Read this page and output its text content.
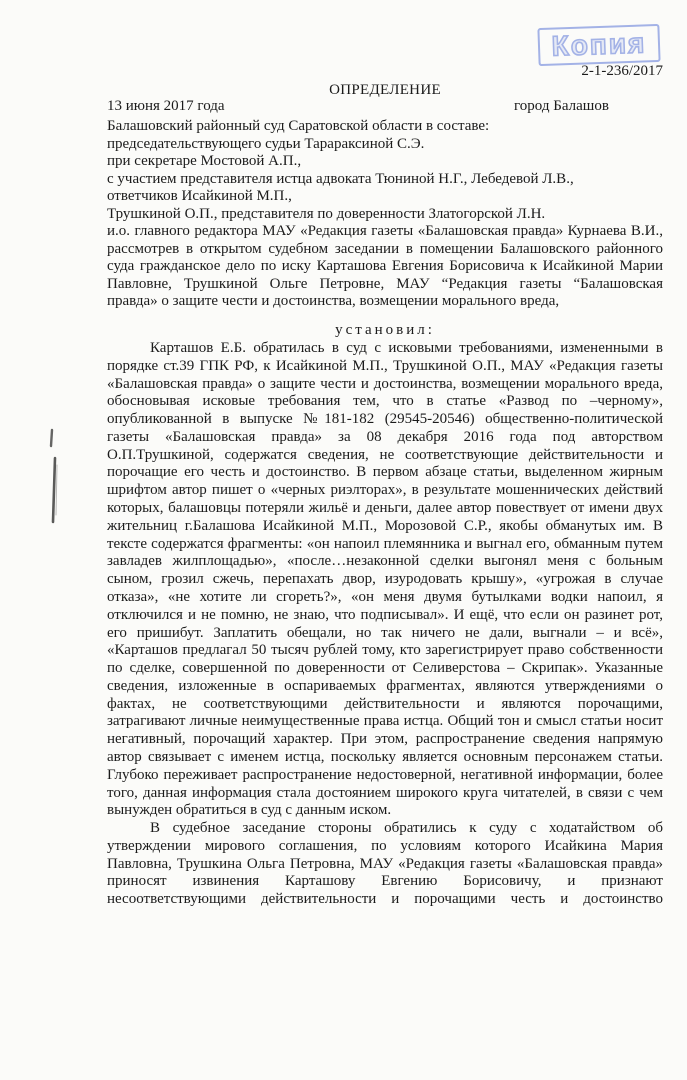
Копия
2-1-236/2017
ОПРЕДЕЛЕНИЕ
13 июня 2017 года	город Балашов
Балашовский районный суд Саратовской области в составе:
председательствующего судьи Тарараксиной С.Э.
при секретаре Мостовой А.П.,
с участием представителя истца адвоката Тюниной Н.Г., Лебедевой Л.В.,
ответчиков Исайкиной М.П.,
Трушкиной О.П., представителя по доверенности Златогорской Л.Н.
и.о. главного редактора МАУ «Редакция газеты «Балашовская правда» Курнаева В.И.,
рассмотрев в открытом судебном заседании в помещении Балашовского районного
суда гражданское дело по иску Карташова Евгения Борисовича к Исайкиной Марии
Павловне, Трушкиной Ольге Петровне, МАУ “Редакция газеты “Балашовская
правда» о защите чести и достоинства, возмещении морального вреда,
установил:
Карташов Е.Б. обратилась в суд с исковыми требованиями, измененными в
порядке ст.39 ГПК РФ, к Исайкиной М.П., Трушкиной О.П., МАУ «Редакция газеты
«Балашовская правда» о защите чести и достоинства, возмещении морального вреда,
обосновывая исковые требования тем, что в статье «Развод по –черному»,
опубликованной в выпуске №181-182 (29545-20546) общественно-политической
газеты «Балашовская правда» за 08 декабря 2016 года под авторством
О.П.Трушкиной, содержатся сведения, не соответствующие действительности и
порочащие его честь и достоинство. В первом абзаце статьи, выделенном жирным
шрифтом автор пишет о «черных риэлторах», в результате мошеннических действий
которых, балашовцы потеряли жильё и деньги, далее автор повествует от имени двух
жительниц г.Балашова Исайкиной М.П., Морозовой С.Р., якобы обманутых им. В
тексте содержатся фрагменты: «он напоил племянника и выгнал его, обманным путем
завладев жилплощадью», «после…незаконной сделки выгонял меня с больным
сыном, грозил сжечь, перепахать двор, изуродовать крышу», «угрожая в случае
отказа», «не хотите ли сгореть?», «он меня двумя бутылками водки напоил, я
отключился и не помню, не знаю, что подписывал». И ещё, что если он разинет рот,
его пришибут. Заплатить обещали, но так ничего не дали, выгнали – и всё»,
«Карташов предлагал 50 тысяч рублей тому, кто зарегистрирует право собственности
по сделке, совершенной по доверенности от Селиверстова – Скрипак». Указанные
сведения, изложенные в оспариваемых фрагментах, являются утверждениями о
фактах, не соответствующими действительности и являются порочащими,
затрагивают личные неимущественные права истца. Общий тон и смысл статьи носит
негативный, порочащий характер. При этом, распространение сведения напрямую
автор связывает с именем истца, поскольку является основным персонажем статьи.
Глубоко переживает распространение недостоверной, негативной информации, более
того, данная информация стала достоянием широкого круга читателей, в связи с чем
вынужден обратиться в суд с данным иском.
В судебное заседание стороны обратились к суду с ходатайством об
утверждении мирового соглашения, по условиям которого Исайкина Мария
Павловна, Трушкина Ольга Петровна, МАУ «Редакция газеты «Балашовская правда»
приносят извинения Карташову Евгению Борисовичу, и признают
несоответствующими действительности и порочащими честь и достоинство
